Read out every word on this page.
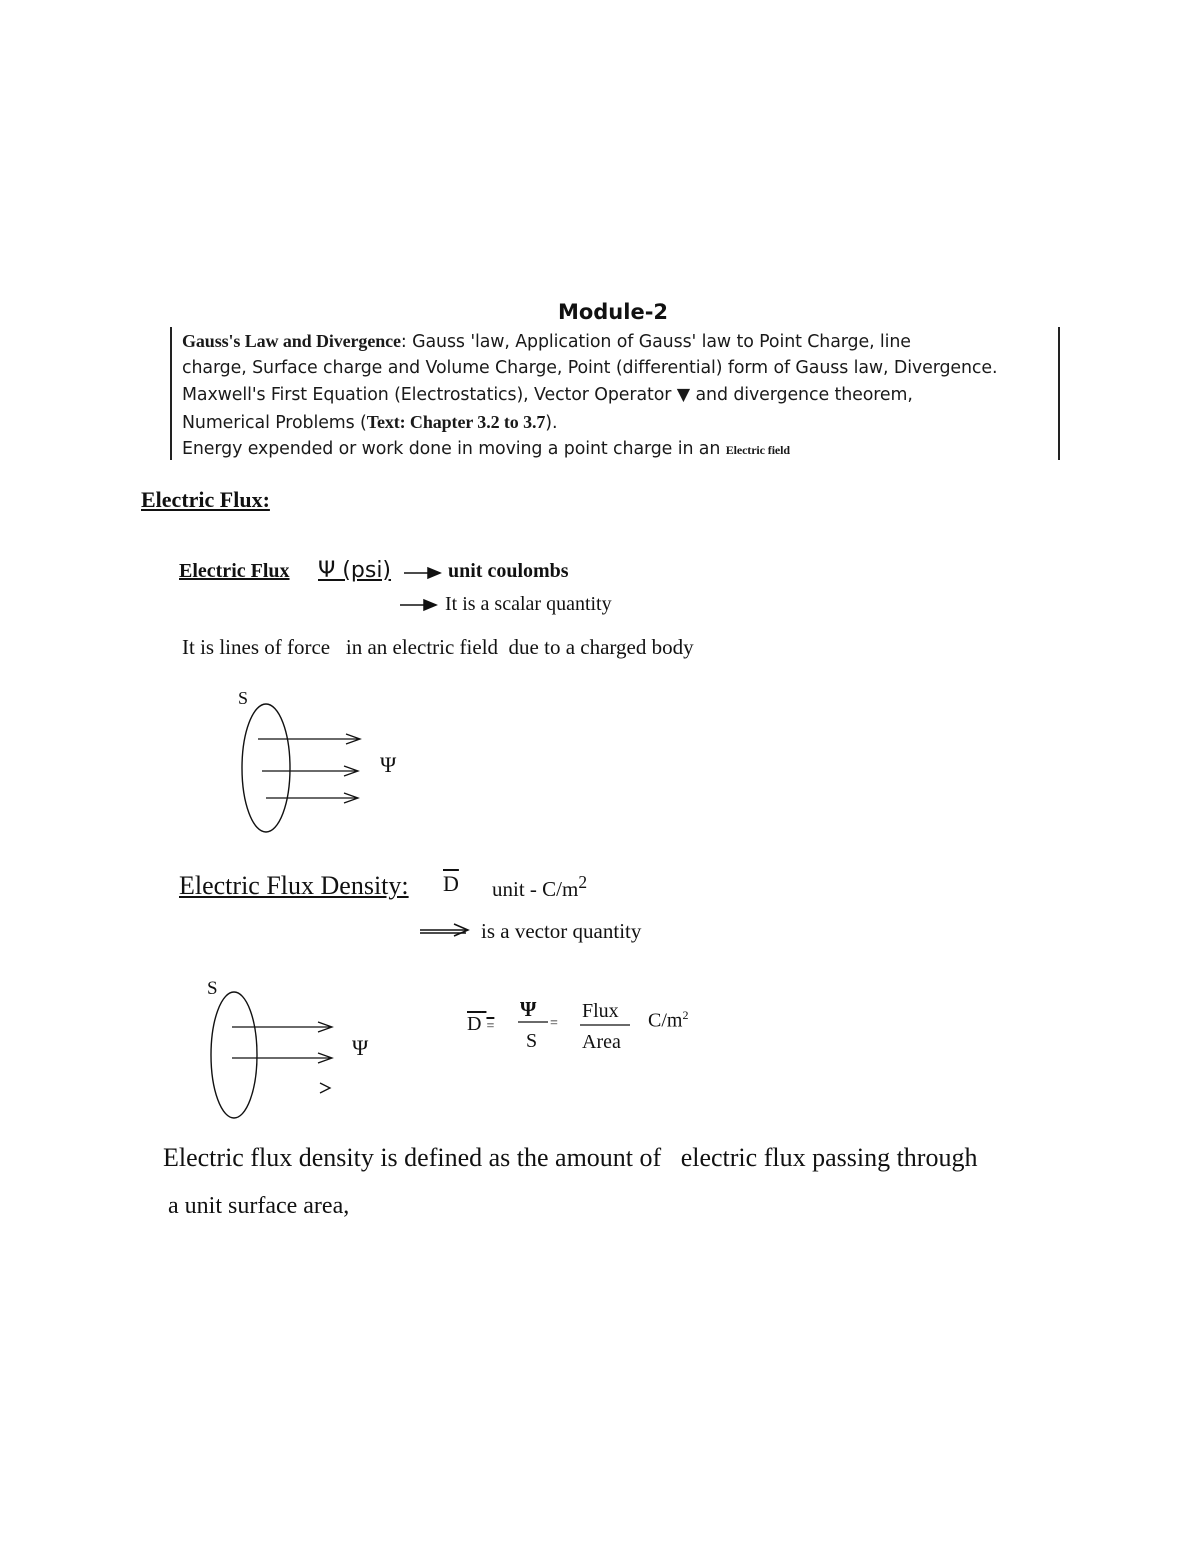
Module-2
Gauss's Law and Divergence: Gauss 'law, Application of Gauss' law to Point Charge, line
charge, Surface charge and Volume Charge, Point (differential) form of Gauss law, Divergence.
Maxwell's First Equation (Electrostatics), Vector Operator ▼ and divergence theorem,
Numerical Problems (Text: Chapter 3.2 to 3.7).
Energy expended or work done in moving a point charge in an Electric field
Electric Flux:
Electric Flux Ψ (psi)	unit coulombs
It is a scalar quantity
It is lines of force in an electric field due to a charged body
Electric Flux Density: $\overline{D}$ unit - $C/m^2$
is a vector quantity
D =
Ψ
S
=
Flux
Area
$C/m^2$
Electric flux density is defined as the amount of electric flux passing through
a unit surface area,
S
Ψ
S
Ψ
